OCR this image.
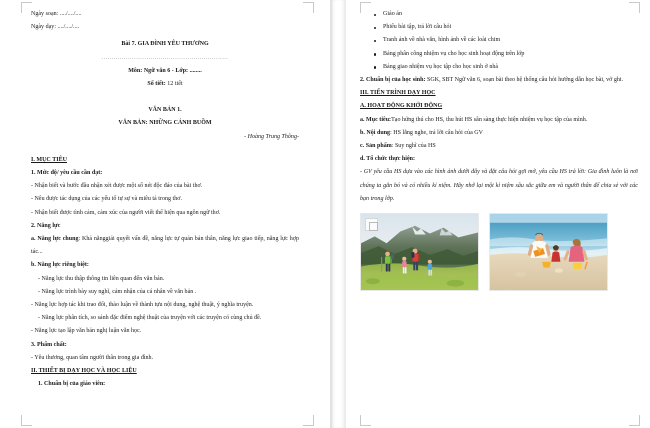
Ngày soạn: ..../..../....

Ngày dạy: ..../..../....

Bài 7. GIA ĐÌNH YÊU THƯƠNG

..............................................................

Môn: Ngữ văn 6 - Lớp: ........

Số tiết: 12 tiết

VĂN BẢN 1.

VĂN BẢN: NHỮNG CÁNH BUỒM

- Hoàng Trung Thông-

I. MỤC TIÊU

1. Mức độ/ yêu cầu cần đạt:

- Nhận biết và bước đầu nhận xét được một số nét độc đáo của bài thơ.

- Nêu được tác dụng của các yếu tố tự sự và miêu tả trong thơ.

- Nhận biết được tình cảm, cảm xúc của người viết thể hiện qua ngôn ngữ thơ.

2. Năng lực

a. Năng lực chung: Khả nănggiải quyết vấn đề, năng lực tự quản bản thân, năng lực giao tiếp, năng lực hợp tác...

b. Năng lực riêng biệt:

- Năng lực thu thập thông tin liên quan đến văn bản.

- Năng lực trình bày suy nghĩ, cảm nhận của cá nhân về văn bản .

- Năng lực hợp tác khi trao đổi, thảo luận về thành tựu nội dung, nghệ thuật, ý nghĩa truyện.

- Năng lực phân tích, so sánh đặc điểm nghệ thuật của truyện với các truyện có cùng chủ đề.

- Năng lực tạo lập văn bản nghị luận văn học.

3. Phẩm chất:

- Yêu thương, quan tâm người thân trong gia đình.

II. THIẾT BỊ DẠY HỌC VÀ HỌC LIỆU

1. Chuẩn bị của giáo viên:

Giáo án
Phiếu bài tập, trả lời câu hỏi
Tranh ảnh về nhà văn, hình ảnh về các loài chim
Bảng phân công nhiệm vụ cho học sinh hoạt động trên lớp
Bảng giao nhiệm vụ học tập cho học sinh ở nhà

2. Chuẩn bị của học sinh: SGK, SBT Ngữ văn 6, soạn bài theo hệ thống câu hỏi hướng dẫn học bài, vở ghi.

III. TIẾN TRÌNH DẠY HỌC

A. HOẠT ĐỘNG KHỞI ĐỘNG

a. Mục tiêu:Tạo hứng thú cho HS, thu hút HS sẵn sàng thực hiện nhiệm vụ học tập của mình.

b. Nội dung: HS lắng nghe, trả lời câu hỏi của GV

c. Sản phẩm: Suy nghĩ của HS

d. Tổ chức thực hiện:

- GV yêu cầu HS dựa vào các hình ảnh dưới đây và đặt câu hỏi gợi mở, yêu cầu HS trả lời: Gia đình luôn là nơi chúng ta gắn bó và có nhiều kỉ niệm. Hãy nhớ lại một kỉ niệm sâu sắc giữa em và người thân để chia sẻ với các bạn trong lớp.
